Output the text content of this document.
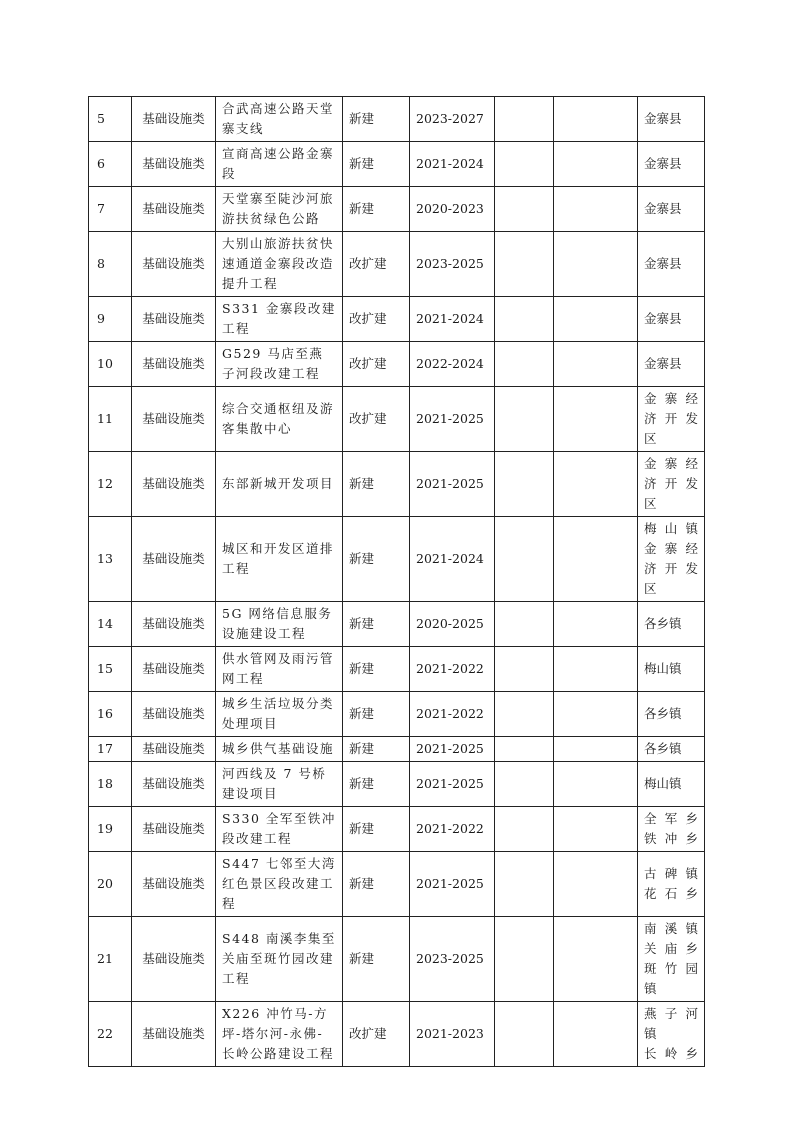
5	基础设施类	合武高速公路天堂寨支线	新建	2023-2027			金寨县

6	基础设施类	宣商高速公路金寨段	新建	2021-2024			金寨县

7	基础设施类	天堂寨至陡沙河旅游扶贫绿色公路	新建	2020-2023			金寨县

8	基础设施类	大别山旅游扶贫快速通道金寨段改造提升工程	改扩建	2023-2025			金寨县

9	基础设施类	S331 金寨段改建工程	改扩建	2021-2024			金寨县

10	基础设施类	G529 马店至燕子河段改建工程	改扩建	2022-2024			金寨县

11	基础设施类	综合交通枢纽及游客集散中心	改扩建	2021-2025			金寨经
济开发
区

12	基础设施类	东部新城开发项目	新建	2021-2025			金寨经
济开发
区

13	基础设施类	城区和开发区道排工程	新建	2021-2024			梅山镇
金寨经
济开发
区

14	基础设施类	5G 网络信息服务设施建设工程	新建	2020-2025			各乡镇

15	基础设施类	供水管网及雨污管网工程	新建	2021-2022			梅山镇

16	基础设施类	城乡生活垃圾分类处理项目	新建	2021-2022			各乡镇

17	基础设施类	城乡供气基础设施	新建	2021-2025			各乡镇

18	基础设施类	河西线及 7 号桥建设项目	新建	2021-2025			梅山镇

19	基础设施类	S330 全军至铁冲段改建工程	新建	2021-2022			全军乡
铁冲乡

20	基础设施类	S447 七邻至大湾红色景区段改建工程	新建	2021-2025			古碑镇
花石乡

21	基础设施类	S448 南溪李集至关庙至斑竹园改建工程	新建	2023-2025			南溪镇
关庙乡
斑竹园
镇

22	基础设施类	X226 冲竹马-方坪-塔尔河-永佛-长岭公路建设工程	改扩建	2021-2023			燕子河
镇
长岭乡
